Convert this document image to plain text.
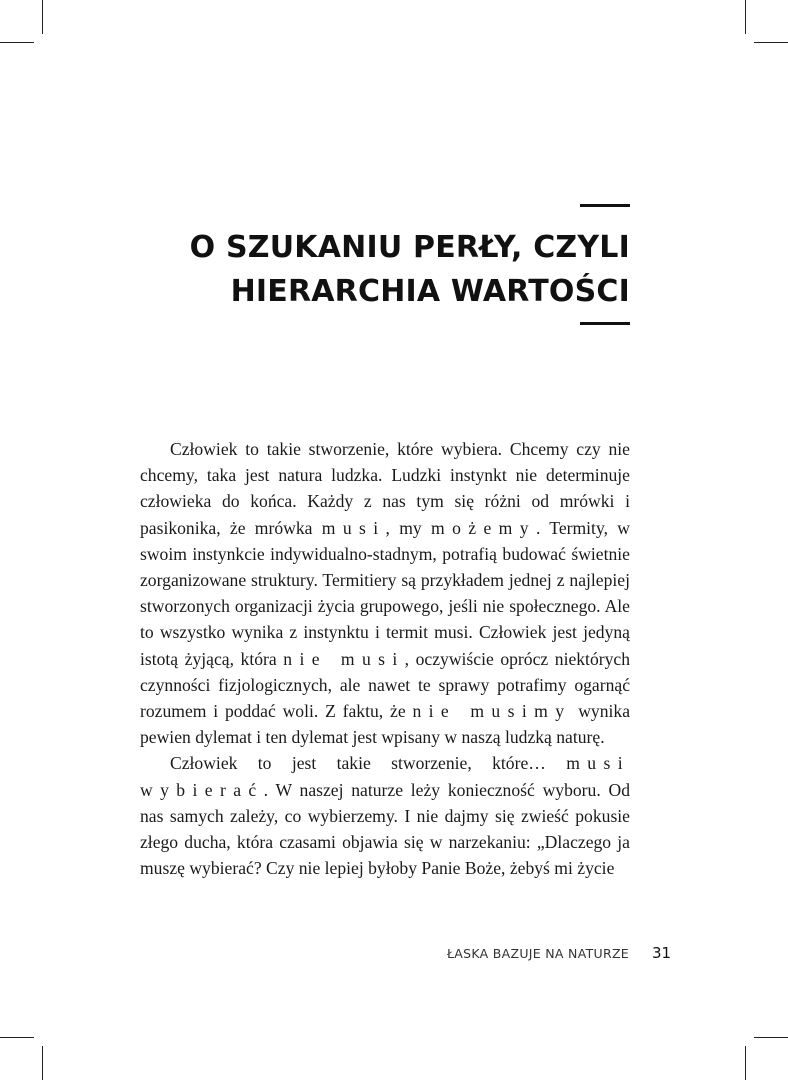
O SZUKANIU PERŁY, CZYLI
HIERARCHIA WARTOŚCI

Człowiek to takie stworzenie, które wybiera. Chcemy czy nie chcemy, taka jest natura ludzka. Ludzki instynkt nie determinuje człowieka do końca. Każdy z nas tym się różni od mrówki i pasikonika, że mrówka musi, my możemy. Termity, w swoim instynkcie indywidualno-stadnym, potrafią budować świetnie zorganizowane struktury. Termitiery są przykładem jednej z najlepiej stworzonych organizacji życia grupowego, jeśli nie społecznego. Ale to wszystko wynika z instynktu i termit musi. Człowiek jest jedyną istotą żyjącą, która nie musi, oczywiście oprócz niektórych czynności fizjologicznych, ale nawet te sprawy potrafimy ogarnąć rozumem i poddać woli. Z faktu, że nie musimy wynika pewien dylemat i ten dylemat jest wpisany w naszą ludzką naturę.

Człowiek to jest takie stworzenie, które… musi wybierać. W naszej naturze leży konieczność wyboru. Od nas samych zależy, co wybierzemy. I nie dajmy się zwieść pokusie złego ducha, która czasami objawia się w narzekaniu: „Dlaczego ja muszę wybierać? Czy nie lepiej byłoby Panie Boże, żebyś mi życie

ŁASKA BAZUJE NA NATURZE 31
